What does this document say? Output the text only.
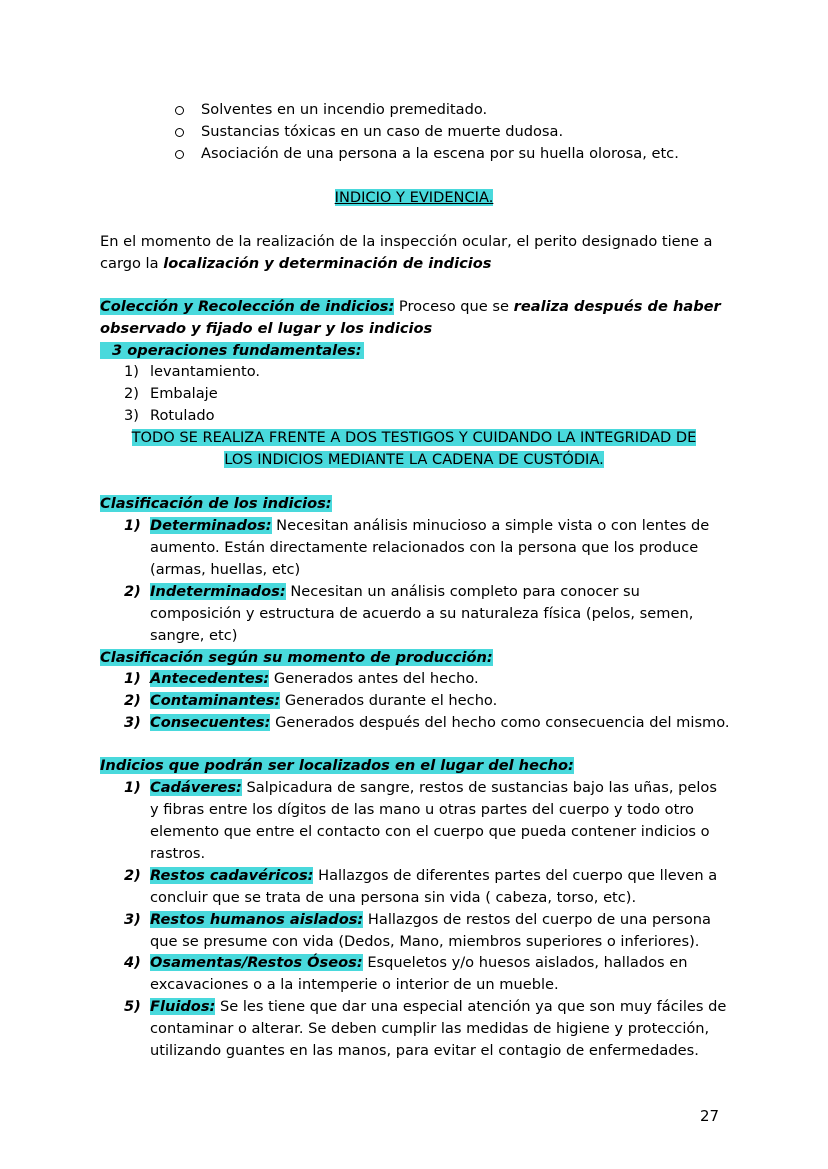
Solventes en un incendio premeditado.
Sustancias tóxicas en un caso de muerte dudosa.
Asociación de una persona a la escena por su huella olorosa, etc.
INDICIO Y EVIDENCIA.
En el momento de la realización de la inspección ocular, el perito designado tiene a
cargo la localización y determinación de indicios
Colección y Recolección de indicios: Proceso que se realiza después de haber
observado y fijado el lugar y los indicios
3 operaciones fundamentales:
1) levantamiento.
2) Embalaje
3) Rotulado
TODO SE REALIZA FRENTE A DOS TESTIGOS Y CUIDANDO LA INTEGRIDAD DE
LOS INDICIOS MEDIANTE LA CADENA DE CUSTÓDIA.
Clasificación de los indicios:
1) Determinados: Necesitan análisis minucioso a simple vista o con lentes de
aumento. Están directamente relacionados con la persona que los produce
(armas, huellas, etc)
2) Indeterminados: Necesitan un análisis completo para conocer su
composición y estructura de acuerdo a su naturaleza física (pelos, semen,
sangre, etc)
Clasificación según su momento de producción:
1) Antecedentes: Generados antes del hecho.
2) Contaminantes: Generados durante el hecho.
3) Consecuentes: Generados después del hecho como consecuencia del mismo.
Indicios que podrán ser localizados en el lugar del hecho:
1) Cadáveres: Salpicadura de sangre, restos de sustancias bajo las uñas, pelos
y fibras entre los dígitos de las mano u otras partes del cuerpo y todo otro
elemento que entre el contacto con el cuerpo que pueda contener indicios o
rastros.
2) Restos cadavéricos: Hallazgos de diferentes partes del cuerpo que lleven a
concluir que se trata de una persona sin vida ( cabeza, torso, etc).
3) Restos humanos aislados: Hallazgos de restos del cuerpo de una persona
que se presume con vida (Dedos, Mano, miembros superiores o inferiores).
4) Osamentas/Restos Óseos: Esqueletos y/o huesos aislados, hallados en
excavaciones o a la intemperie o interior de un mueble.
5) Fluidos: Se les tiene que dar una especial atención ya que son muy fáciles de
contaminar o alterar. Se deben cumplir las medidas de higiene y protección,
utilizando guantes en las manos, para evitar el contagio de enfermedades.
27
